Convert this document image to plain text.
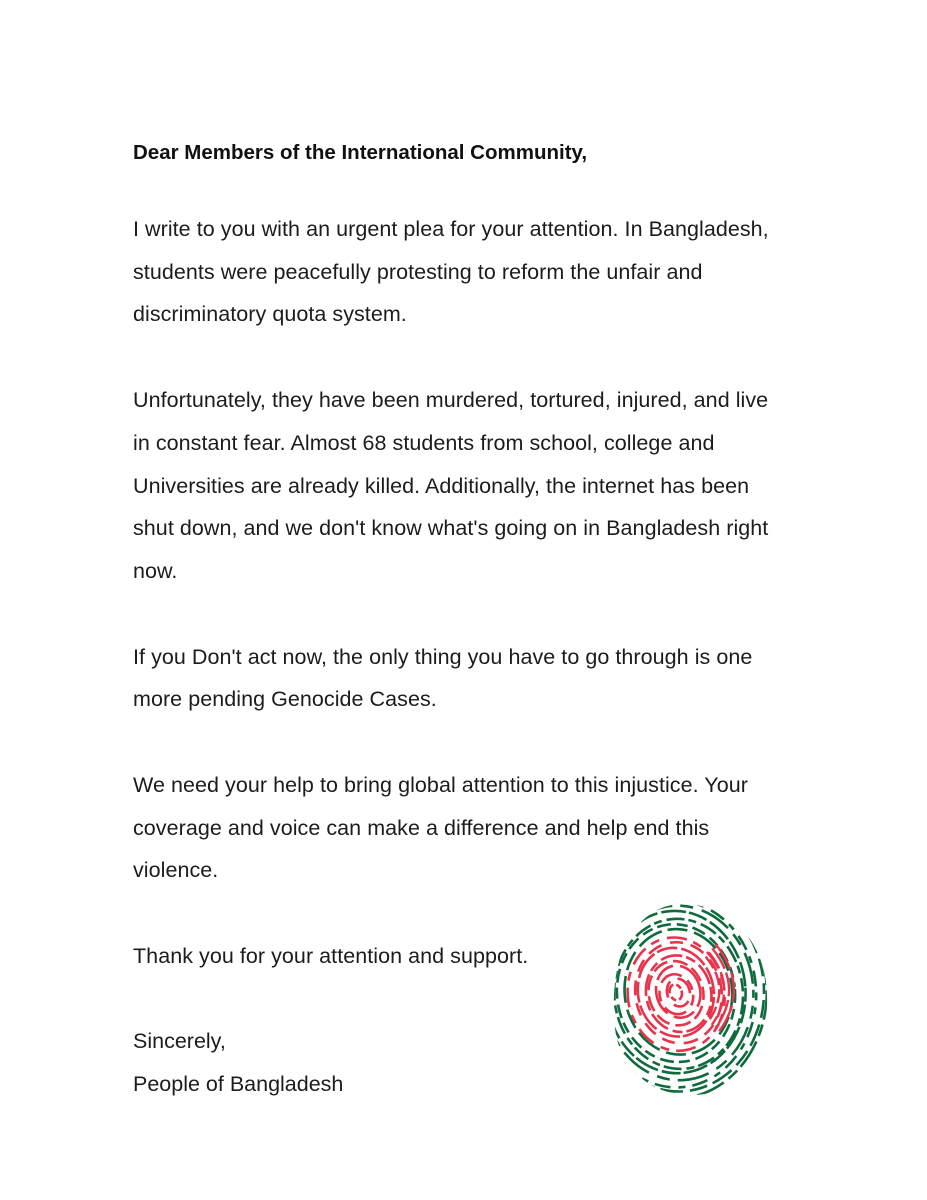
Dear Members of the International Community,
I write to you with an urgent plea for your attention. In Bangladesh,
students were peacefully protesting to reform the unfair and
discriminatory quota system.
Unfortunately, they have been murdered, tortured, injured, and live
in constant fear. Almost 68 students from school, college and
Universities are already killed. Additionally, the internet has been
shut down, and we don't know what's going on in Bangladesh right
now.
If you Don't act now, the only thing you have to go through is one
more pending Genocide Cases.
We need your help to bring global attention to this injustice. Your
coverage and voice can make a difference and help end this
violence.
Thank you for your attention and support.
Sincerely,
People of Bangladesh
